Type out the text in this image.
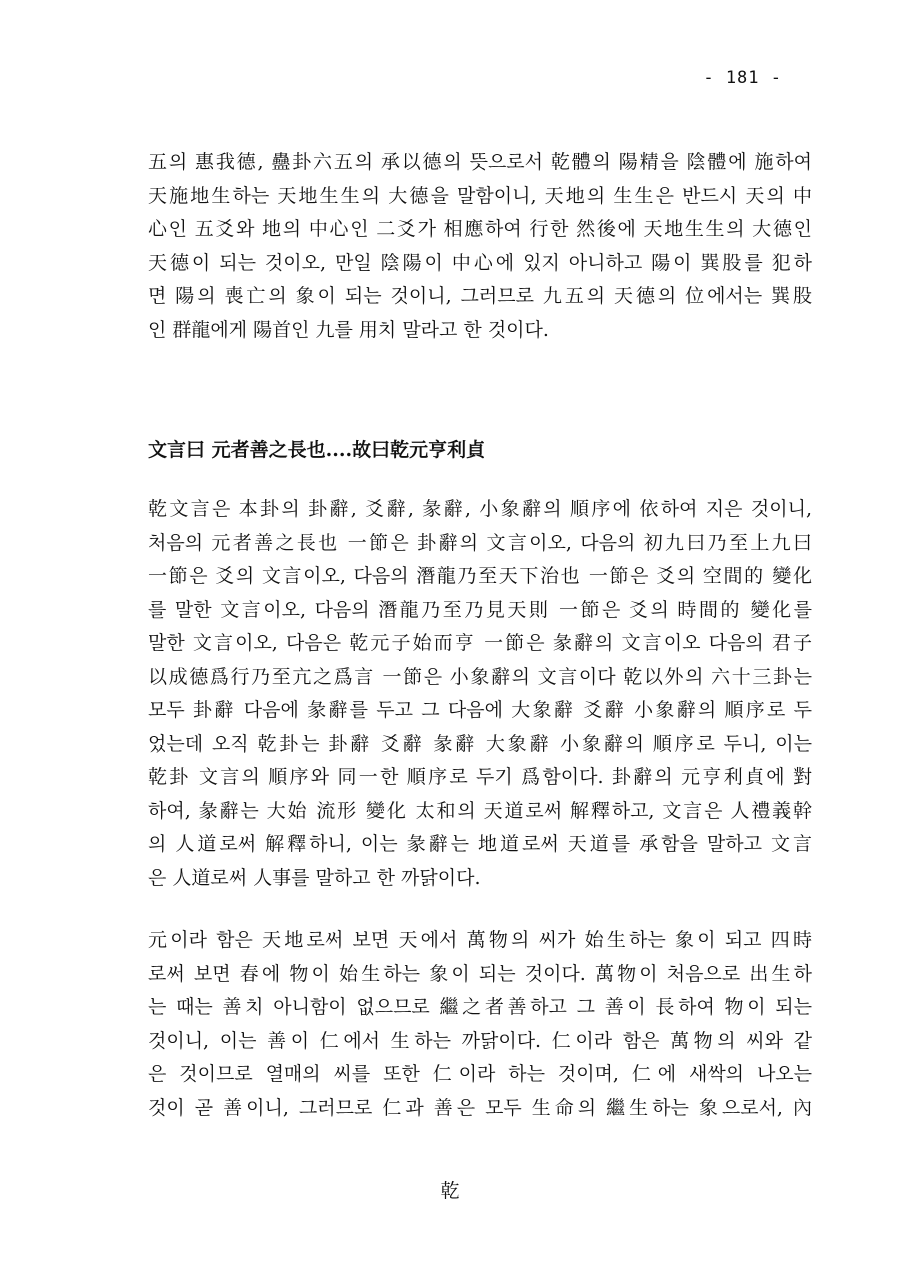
- 181 -
五의 惠我德, 蠱卦六五의 承以德의 뜻으로서 乾體의 陽精을 陰體에 施하여
天施地生하는 天地生生의 大德을 말함이니, 天地의 生生은 반드시 天의 中
心인 五爻와 地의 中心인 二爻가 相應하여 行한 然後에 天地生生의 大德인
天德이 되는 것이오, 만일 陰陽이 中心에 있지 아니하고 陽이 巽股를 犯하
면 陽의 喪亡의 象이 되는 것이니, 그러므로 九五의 天德의 位에서는 巽股
인 群龍에게 陽首인 九를 用치 말라고 한 것이다.
文言曰 元者善之長也....故曰乾元亨利貞
乾文言은 本卦의 卦辭, 爻辭, 彖辭, 小象辭의 順序에 依하여 지은 것이니,
처음의 元者善之長也 一節은 卦辭의 文言이오, 다음의 初九曰乃至上九曰
一節은 爻의 文言이오, 다음의 潛龍乃至天下治也 一節은 爻의 空間的 變化
를 말한 文言이오, 다음의 潛龍乃至乃見天則 一節은 爻의 時間的 變化를
말한 文言이오, 다음은 乾元子始而亨 一節은 彖辭의 文言이오 다음의 君子
以成德爲行乃至亢之爲言 一節은 小象辭의 文言이다 乾以外의 六十三卦는
모두 卦辭 다음에 彖辭를 두고 그 다음에 大象辭 爻辭 小象辭의 順序로 두
었는데 오직 乾卦는 卦辭 爻辭 彖辭 大象辭 小象辭의 順序로 두니, 이는
乾卦 文言의 順序와 同一한 順序로 두기 爲함이다. 卦辭의 元亨利貞에 對
하여, 彖辭는 大始 流形 變化 太和의 天道로써 解釋하고, 文言은 人禮義幹
의 人道로써 解釋하니, 이는 彖辭는 地道로써 天道를 承함을 말하고 文言
은 人道로써 人事를 말하고 한 까닭이다.
元이라 함은 天地로써 보면 天에서 萬物의 씨가 始生하는 象이 되고 四時
로써 보면 春에 物이 始生하는 象이 되는 것이다. 萬物이 처음으로 出生하
는 때는 善치 아니함이 없으므로 繼之者善하고 그 善이 長하여 物이 되는
것이니, 이는 善이 仁에서 生하는 까닭이다. 仁이라 함은 萬物의 씨와 같
은 것이므로 열매의 씨를 또한 仁이라 하는 것이며, 仁에 새싹의 나오는
것이 곧 善이니, 그러므로 仁과 善은 모두 生命의 繼生하는 象으로서, 內
乾
